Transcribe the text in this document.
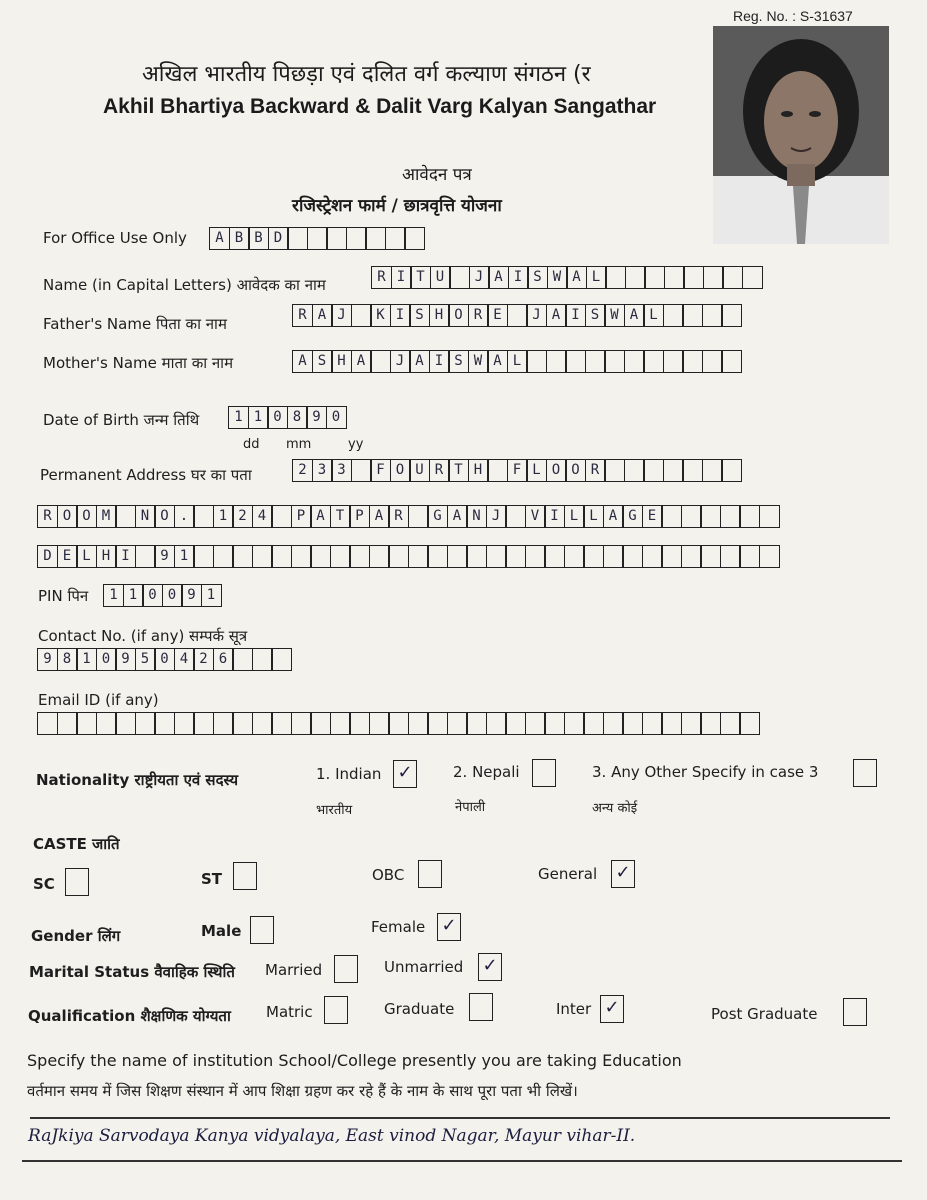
Reg. No. : S-31637
अखिल भारतीय पिछड़ा एवं दलित वर्ग कल्याण संगठन (र
Akhil Bhartiya Backward & Dalit Varg Kalyan Sangathar
आवेदन पत्र
रजिस्ट्रेशन फार्म / छात्रवृत्ति योजना
For Office Use Only	A B B D
Name (in Capital Letters) आवेदक का नाम	R I T U	J A I S W A L
Father's Name पिता का नाम	R A J	K I S H O R E	J A I S W A L
Mother's Name माता का नाम	A S H A	J A I S W A L
Date of Birth जन्म तिथि	1 1 0 8 9 0
dd mm	yy
Permanent Address घर का पता	2 3 3	F O U R T H	F L O O R
R O O M	N O .	1 2 4	P A T P A R	G A N J	V I L L A G E
D E L H I	9 1
PIN पिन	1 1 0 0 9 1
Contact No. (if any) सम्पर्क सूत्र
9 8 1 0 9 5 0 4 2 6
Email ID (if any)
Nationality राष्ट्रीयता एवं सदस्य	1. Indian ✓
भारतीय
2. Nepali
नेपाली
3. Any Other Specify in case 3
अन्य कोई
CASTE जाति
SC	ST	OBC	General ✓
Gender लिंग	Male	Female ✓
Marital Status वैवाहिक स्थिति Married	Unmarried ✓
Qualification शैक्षणिक योग्यता Matric	Graduate	Inter ✓	Post Graduate
Specify the name of institution School/College presently you are taking Education
वर्तमान समय में जिस शिक्षण संस्थान में आप शिक्षा ग्रहण कर रहे हैं के नाम के साथ पूरा पता भी लिखें।
RaJkiya Sarvodaya Kanya vidyalaya, East vinod Nagar, Mayur vihar-II.
